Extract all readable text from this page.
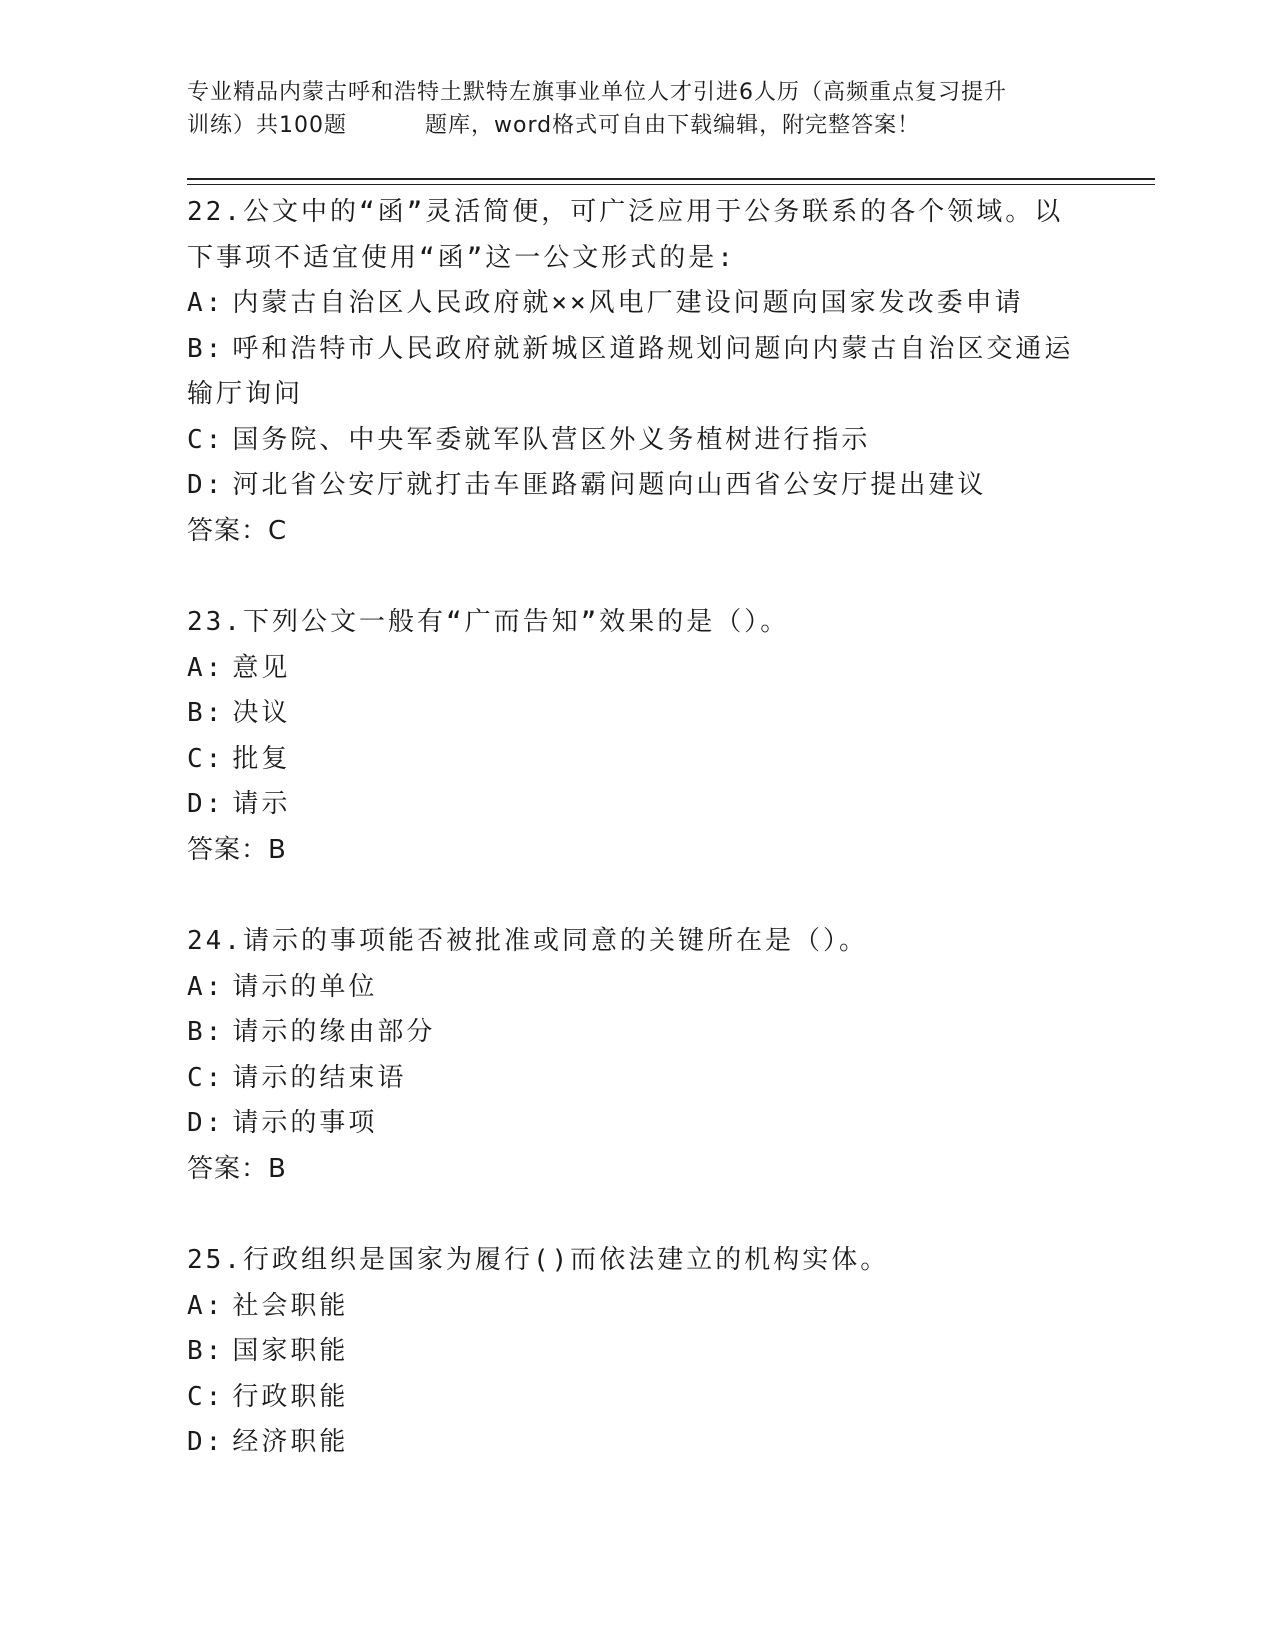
专业精品内蒙古呼和浩特土默特左旗事业单位人才引进6人历（高频重点复习提升
训练）共100题	题库，word格式可自由下载编辑，附完整答案！
22.公文中的“函”灵活简便，可广泛应用于公务联系的各个领域。以下事项不适宜使用“函”这一公文形式的是:
A: 内蒙古自治区人民政府就××风电厂建设问题向国家发改委申请
B: 呼和浩特市人民政府就新城区道路规划问题向内蒙古自治区交通运输厅询问
C: 国务院、中央军委就军队营区外义务植树进行指示
D: 河北省公安厅就打击车匪路霸问题向山西省公安厅提出建议
答案：C
23.下列公文一般有“广而告知”效果的是（）。
A: 意见
B: 决议
C: 批复
D: 请示
答案：B
24.请示的事项能否被批准或同意的关键所在是（）。
A: 请示的单位
B: 请示的缘由部分
C: 请示的结束语
D: 请示的事项
答案：B
25.行政组织是国家为履行()而依法建立的机构实体。
A: 社会职能
B: 国家职能
C: 行政职能
D: 经济职能
